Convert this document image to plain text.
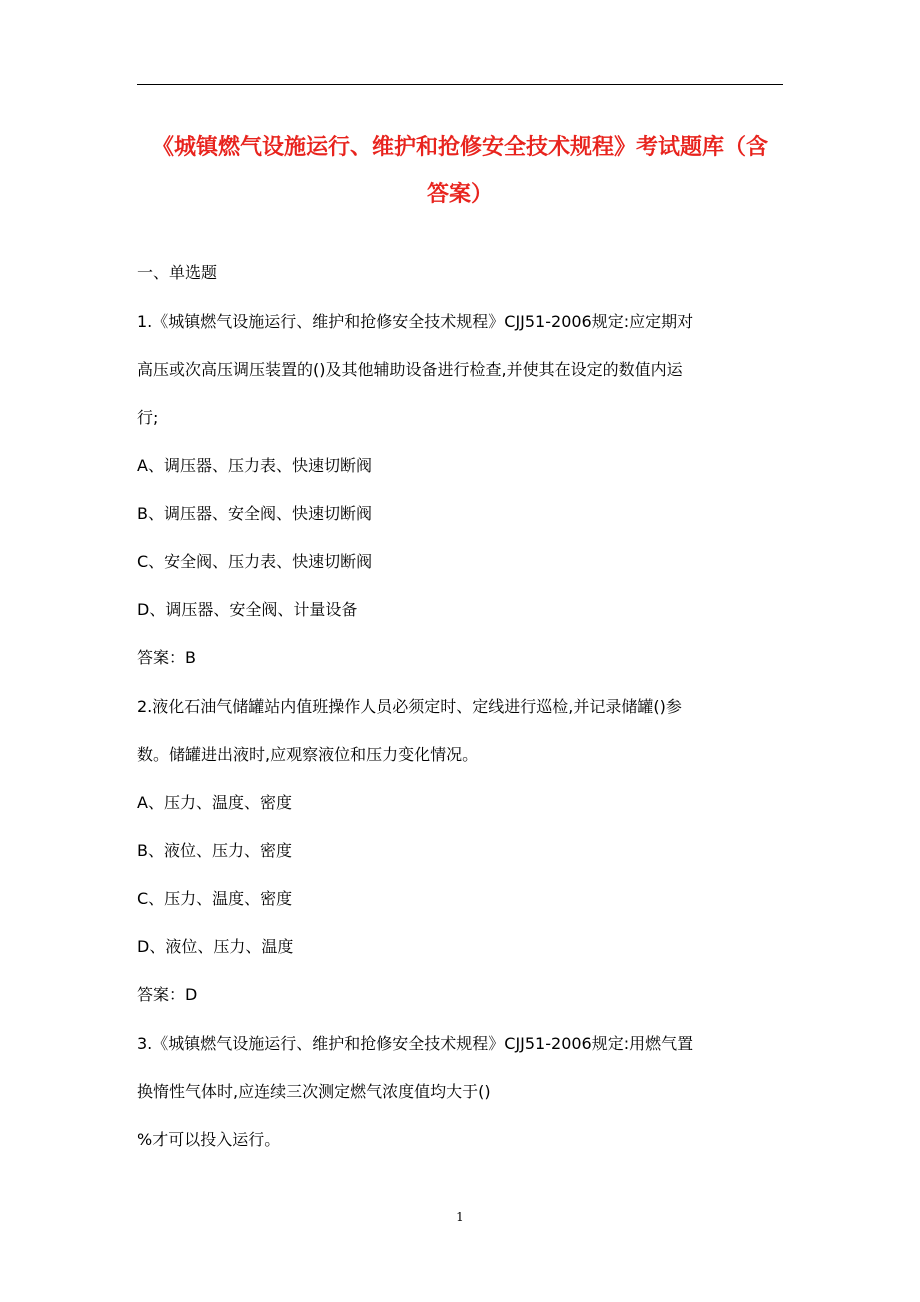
《城镇燃气设施运行、维护和抢修安全技术规程》考试题库（含
答案）
一、单选题
1.《城镇燃气设施运行、维护和抢修安全技术规程》CJJ51-2006规定:应定期对
高压或次高压调压装置的()及其他辅助设备进行检查,并使其在设定的数值内运
行;
A、调压器、压力表、快速切断阀
B、调压器、安全阀、快速切断阀
C、安全阀、压力表、快速切断阀
D、调压器、安全阀、计量设备
答案：B
2.液化石油气储罐站内值班操作人员必须定时、定线进行巡检,并记录储罐()参
数。储罐进出液时,应观察液位和压力变化情况。
A、压力、温度、密度
B、液位、压力、密度
C、压力、温度、密度
D、液位、压力、温度
答案：D
3.《城镇燃气设施运行、维护和抢修安全技术规程》CJJ51-2006规定:用燃气置
换惰性气体时,应连续三次测定燃气浓度值均大于()
%才可以投入运行。
1
